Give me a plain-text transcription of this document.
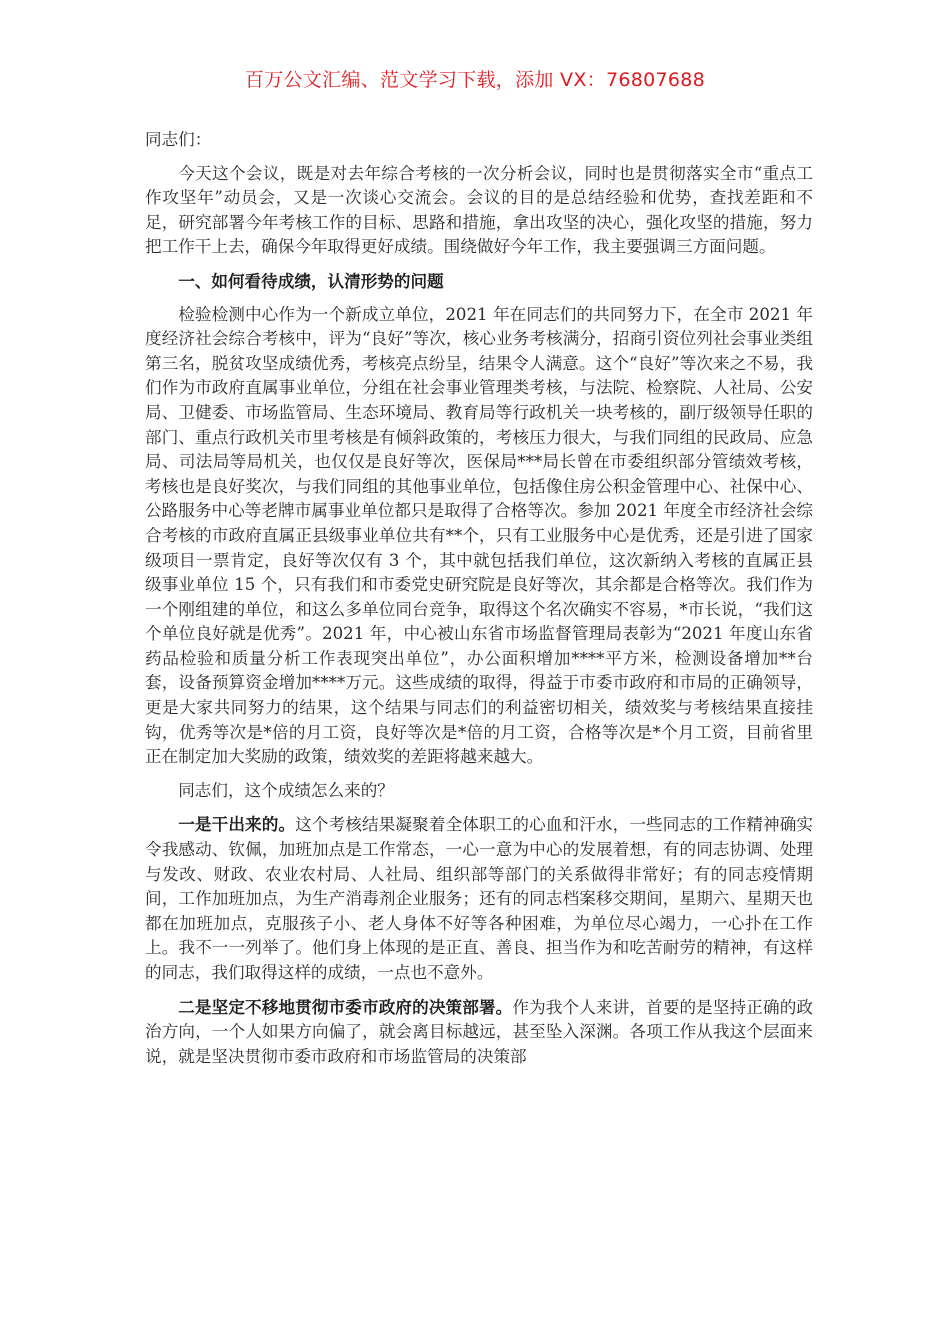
百万公文汇编、范文学习下载，添加 VX：76807688

同志们：

今天这个会议，既是对去年综合考核的一次分析会议，同时也是贯彻落实全市“重点工作攻坚年”动员会，又是一次谈心交流会。会议的目的是总结经验和优势，查找差距和不足，研究部署今年考核工作的目标、思路和措施，拿出攻坚的决心，强化攻坚的措施，努力把工作干上去，确保今年取得更好成绩。围绕做好今年工作，我主要强调三方面问题。

一、如何看待成绩，认清形势的问题

检验检测中心作为一个新成立单位，2021 年在同志们的共同努力下，在全市 2021 年度经济社会综合考核中，评为“良好”等次，核心业务考核满分，招商引资位列社会事业类组第三名，脱贫攻坚成绩优秀，考核亮点纷呈，结果令人满意。这个“良好”等次来之不易，我们作为市政府直属事业单位，分组在社会事业管理类考核，与法院、检察院、人社局、公安局、卫健委、市场监管局、生态环境局、教育局等行政机关一块考核的，副厅级领导任职的部门、重点行政机关市里考核是有倾斜政策的，考核压力很大，与我们同组的民政局、应急局、司法局等局机关，也仅仅是良好等次，医保局***局长曾在市委组织部分管绩效考核，考核也是良好奖次，与我们同组的其他事业单位，包括像住房公积金管理中心、社保中心、公路服务中心等老牌市属事业单位都只是取得了合格等次。参加 2021 年度全市经济社会综合考核的市政府直属正县级事业单位共有**个，只有工业服务中心是优秀，还是引进了国家级项目一票肯定，良好等次仅有 3 个，其中就包括我们单位，这次新纳入考核的直属正县级事业单位 15 个，只有我们和市委党史研究院是良好等次，其余都是合格等次。我们作为一个刚组建的单位，和这么多单位同台竞争，取得这个名次确实不容易，*市长说，“我们这个单位良好就是优秀”。2021 年，中心被山东省市场监督管理局表彰为“2021 年度山东省药品检验和质量分析工作表现突出单位”，办公面积增加****平方米，检测设备增加**台套，设备预算资金增加****万元。这些成绩的取得，得益于市委市政府和市局的正确领导，更是大家共同努力的结果，这个结果与同志们的利益密切相关，绩效奖与考核结果直接挂钩，优秀等次是*倍的月工资，良好等次是*倍的月工资，合格等次是*个月工资，目前省里正在制定加大奖励的政策，绩效奖的差距将越来越大。

同志们，这个成绩怎么来的？

一是干出来的。这个考核结果凝聚着全体职工的心血和汗水，一些同志的工作精神确实令我感动、钦佩，加班加点是工作常态，一心一意为中心的发展着想，有的同志协调、处理与发改、财政、农业农村局、人社局、组织部等部门的关系做得非常好；有的同志疫情期间，工作加班加点，为生产消毒剂企业服务；还有的同志档案移交期间，星期六、星期天也都在加班加点，克服孩子小、老人身体不好等各种困难，为单位尽心竭力，一心扑在工作上。我不一一列举了。他们身上体现的是正直、善良、担当作为和吃苦耐劳的精神，有这样的同志，我们取得这样的成绩，一点也不意外。

二是坚定不移地贯彻市委市政府的决策部署。作为我个人来讲，首要的是坚持正确的政治方向，一个人如果方向偏了，就会离目标越远，甚至坠入深渊。各项工作从我这个层面来说，就是坚决贯彻市委市政府和市场监管局的决策部
